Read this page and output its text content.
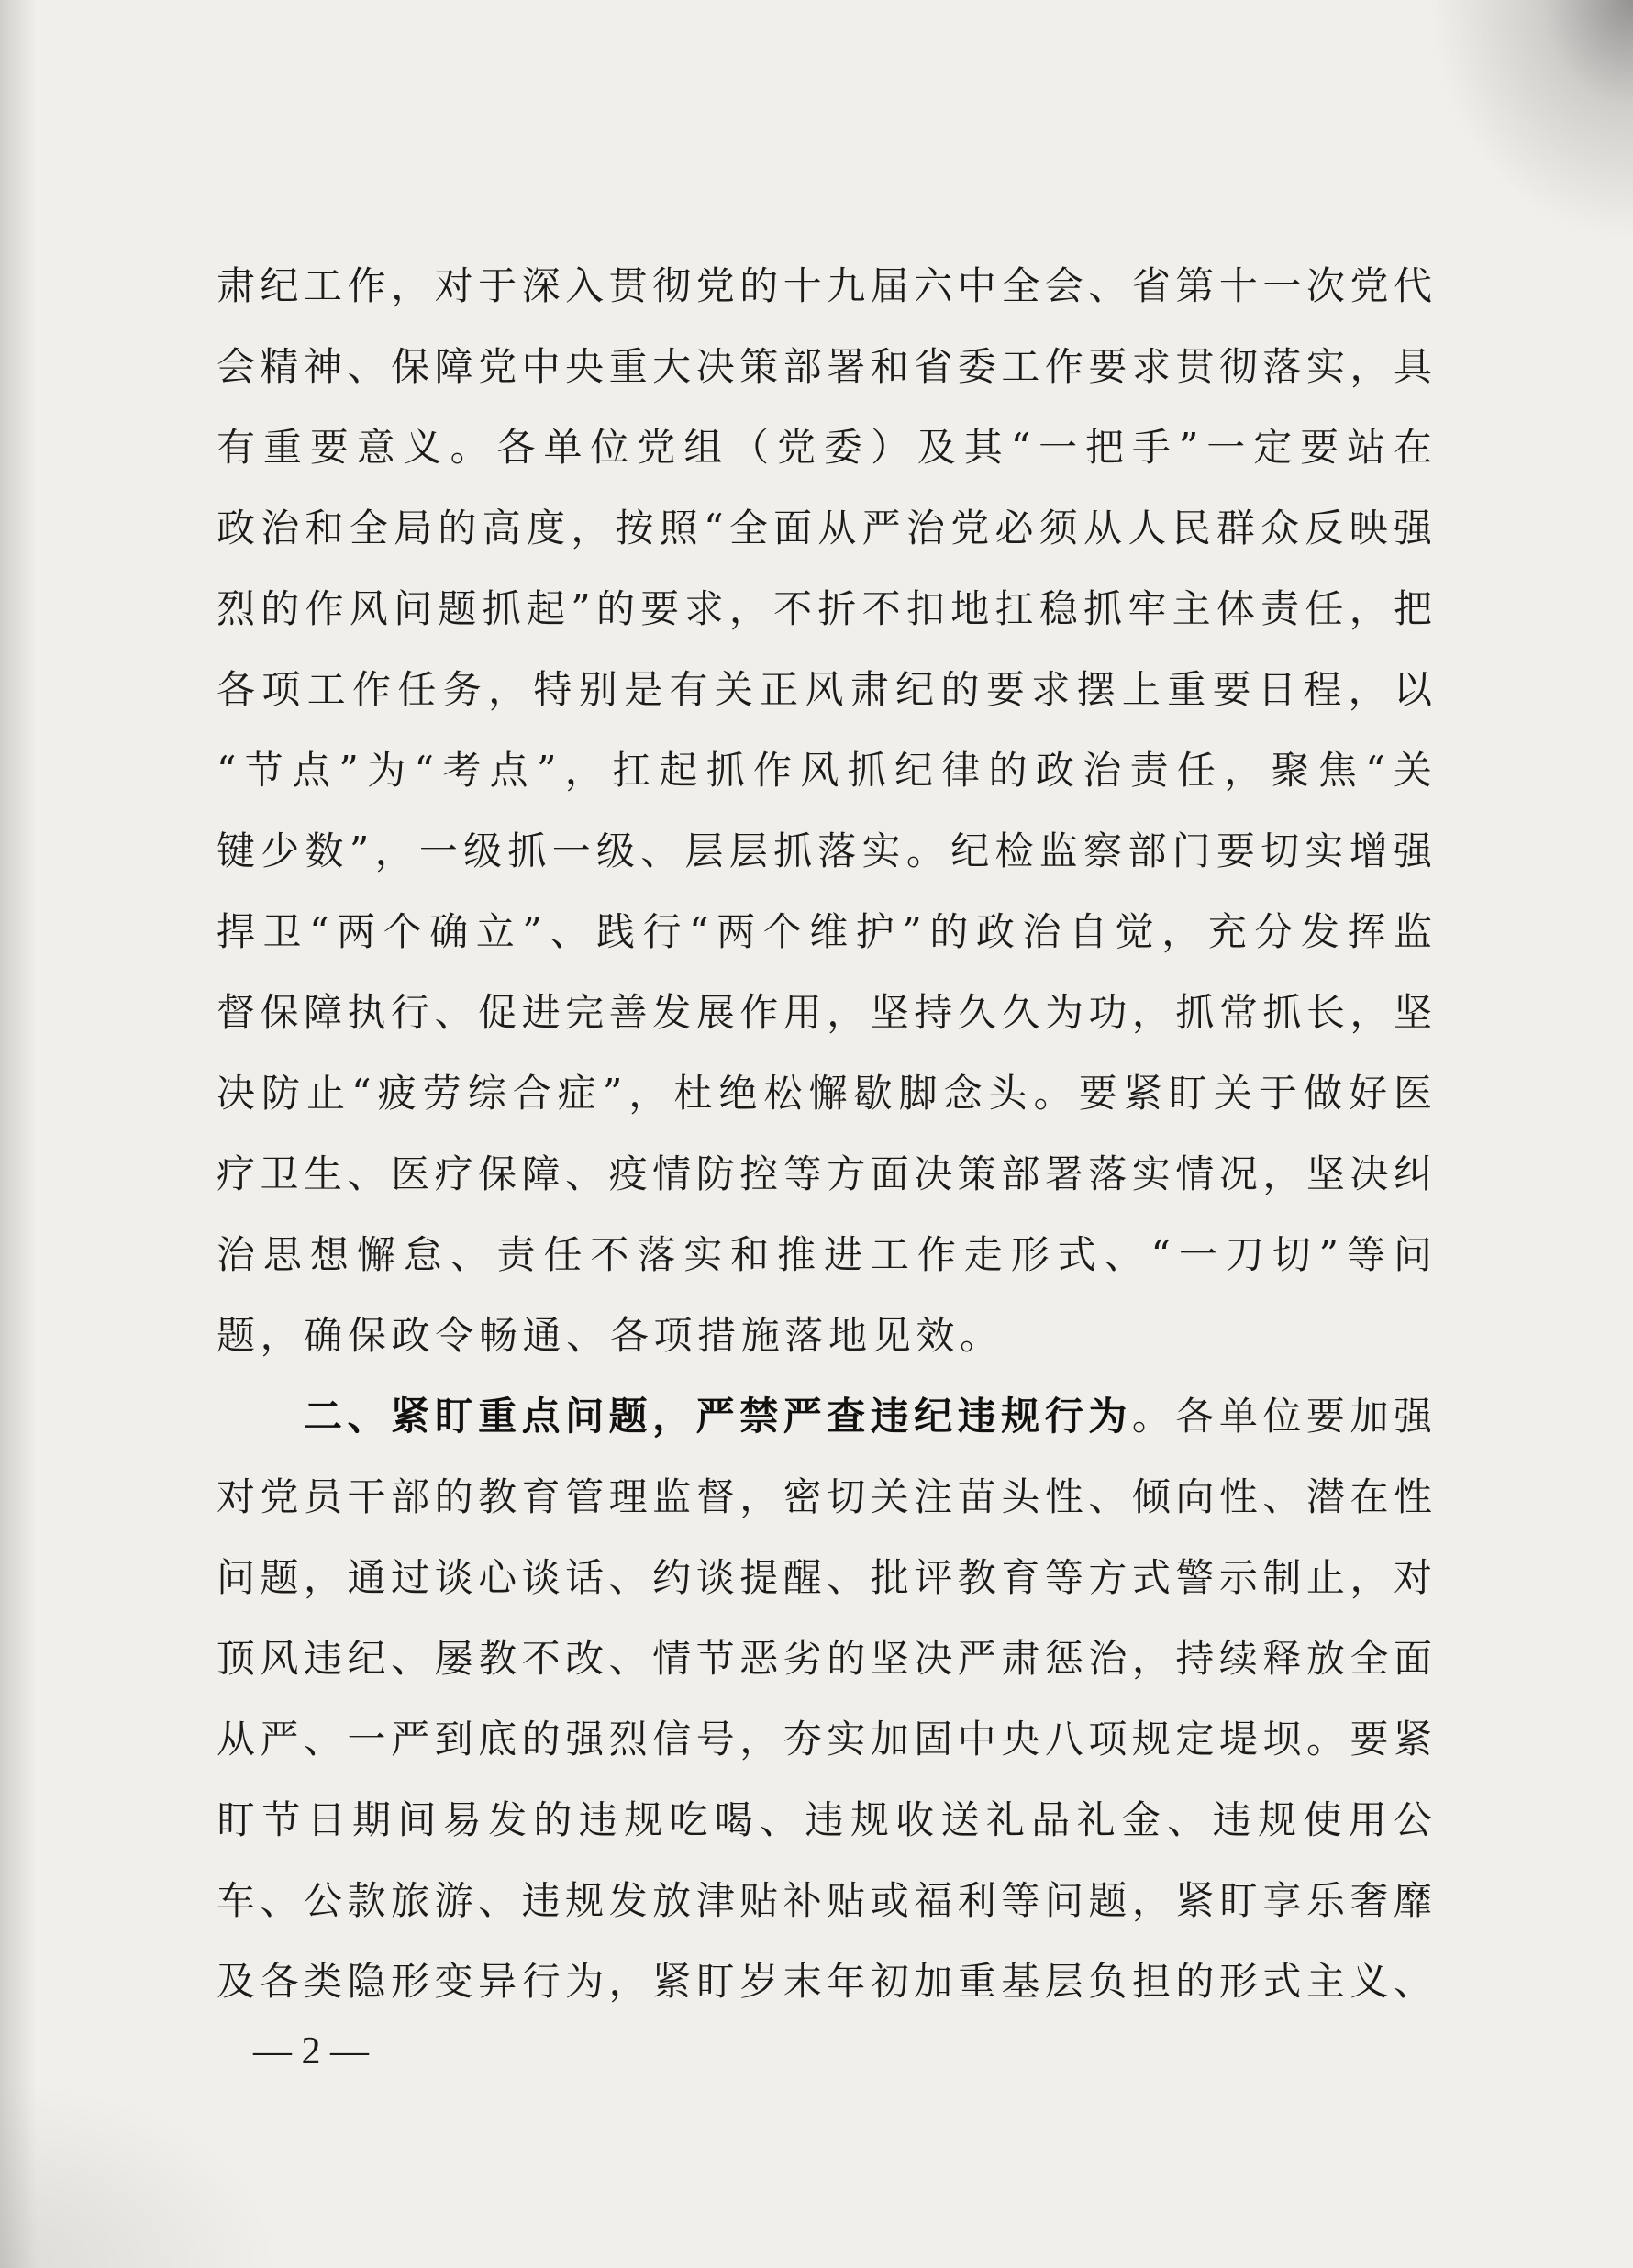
肃纪工作，对于深入贯彻党的十九届六中全会、省第十一次党代
会精神、保障党中央重大决策部署和省委工作要求贯彻落实，具
有重要意义。各单位党组（党委）及其“一把手”一定要站在
政治和全局的高度，按照“全面从严治党必须从人民群众反映强
烈的作风问题抓起”的要求，不折不扣地扛稳抓牢主体责任，把
各项工作任务，特别是有关正风肃纪的要求摆上重要日程，以
“节点”为“考点”，扛起抓作风抓纪律的政治责任，聚焦“关
键少数”，一级抓一级、层层抓落实。纪检监察部门要切实增强
捍卫“两个确立”、践行“两个维护”的政治自觉，充分发挥监
督保障执行、促进完善发展作用，坚持久久为功，抓常抓长，坚
决防止“疲劳综合症”，杜绝松懈歇脚念头。要紧盯关于做好医
疗卫生、医疗保障、疫情防控等方面决策部署落实情况，坚决纠
治思想懈怠、责任不落实和推进工作走形式、“一刀切”等问
题，确保政令畅通、各项措施落地见效。
二、紧盯重点问题，严禁严查违纪违规行为。各单位要加强
对党员干部的教育管理监督，密切关注苗头性、倾向性、潜在性
问题，通过谈心谈话、约谈提醒、批评教育等方式警示制止，对
顶风违纪、屡教不改、情节恶劣的坚决严肃惩治，持续释放全面
从严、一严到底的强烈信号，夯实加固中央八项规定堤坝。要紧
盯节日期间易发的违规吃喝、违规收送礼品礼金、违规使用公
车、公款旅游、违规发放津贴补贴或福利等问题，紧盯享乐奢靡
及各类隐形变异行为，紧盯岁末年初加重基层负担的形式主义、
— 2 —
